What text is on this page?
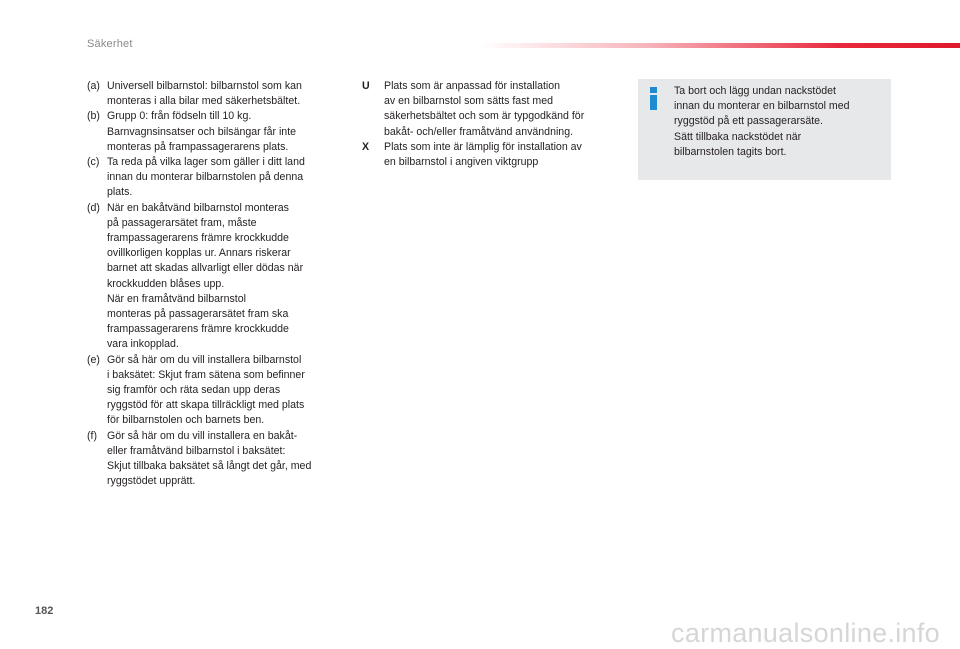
Säkerhet
(a) Universell bilbarnstol: bilbarnstol som kan
monteras i alla bilar med säkerhetsbältet.
(b) Grupp 0: från födseln till 10 kg.
Barnvagnsinsatser och bilsängar får inte
monteras på frampassagerarens plats.
(c) Ta reda på vilka lager som gäller i ditt land
innan du monterar bilbarnstolen på denna
plats.
(d) När en bakåtvänd bilbarnstol monteras
på passagerarsätet fram, måste
frampassagerarens främre krockkudde
ovillkorligen kopplas ur. Annars riskerar
barnet att skadas allvarligt eller dödas när
krockkudden blåses upp.
När en framåtvänd bilbarnstol
monteras på passagerarsätet fram ska
frampassagerarens främre krockkudde
vara inkopplad.
(e) Gör så här om du vill installera bilbarnstol
i baksätet: Skjut fram sätena som befinner
sig framför och räta sedan upp deras
ryggstöd för att skapa tillräckligt med plats
för bilbarnstolen och barnets ben.
(f) Gör så här om du vill installera en bakåt-
eller framåtvänd bilbarnstol i baksätet:
Skjut tillbaka baksätet så långt det går, med
ryggstödet upprätt.
U	Plats som är anpassad för installation
av en bilbarnstol som sätts fast med
säkerhetsbältet och som är typgodkänd för
bakåt- och/eller framåtvänd användning.
X	Plats som inte är lämplig för installation av
en bilbarnstol i angiven viktgrupp
Ta bort och lägg undan nackstödet
innan du monterar en bilbarnstol med
ryggstöd på ett passagerarsäte.
Sätt tillbaka nackstödet när
bilbarnstolen tagits bort.
182
carmanualsonline.info
